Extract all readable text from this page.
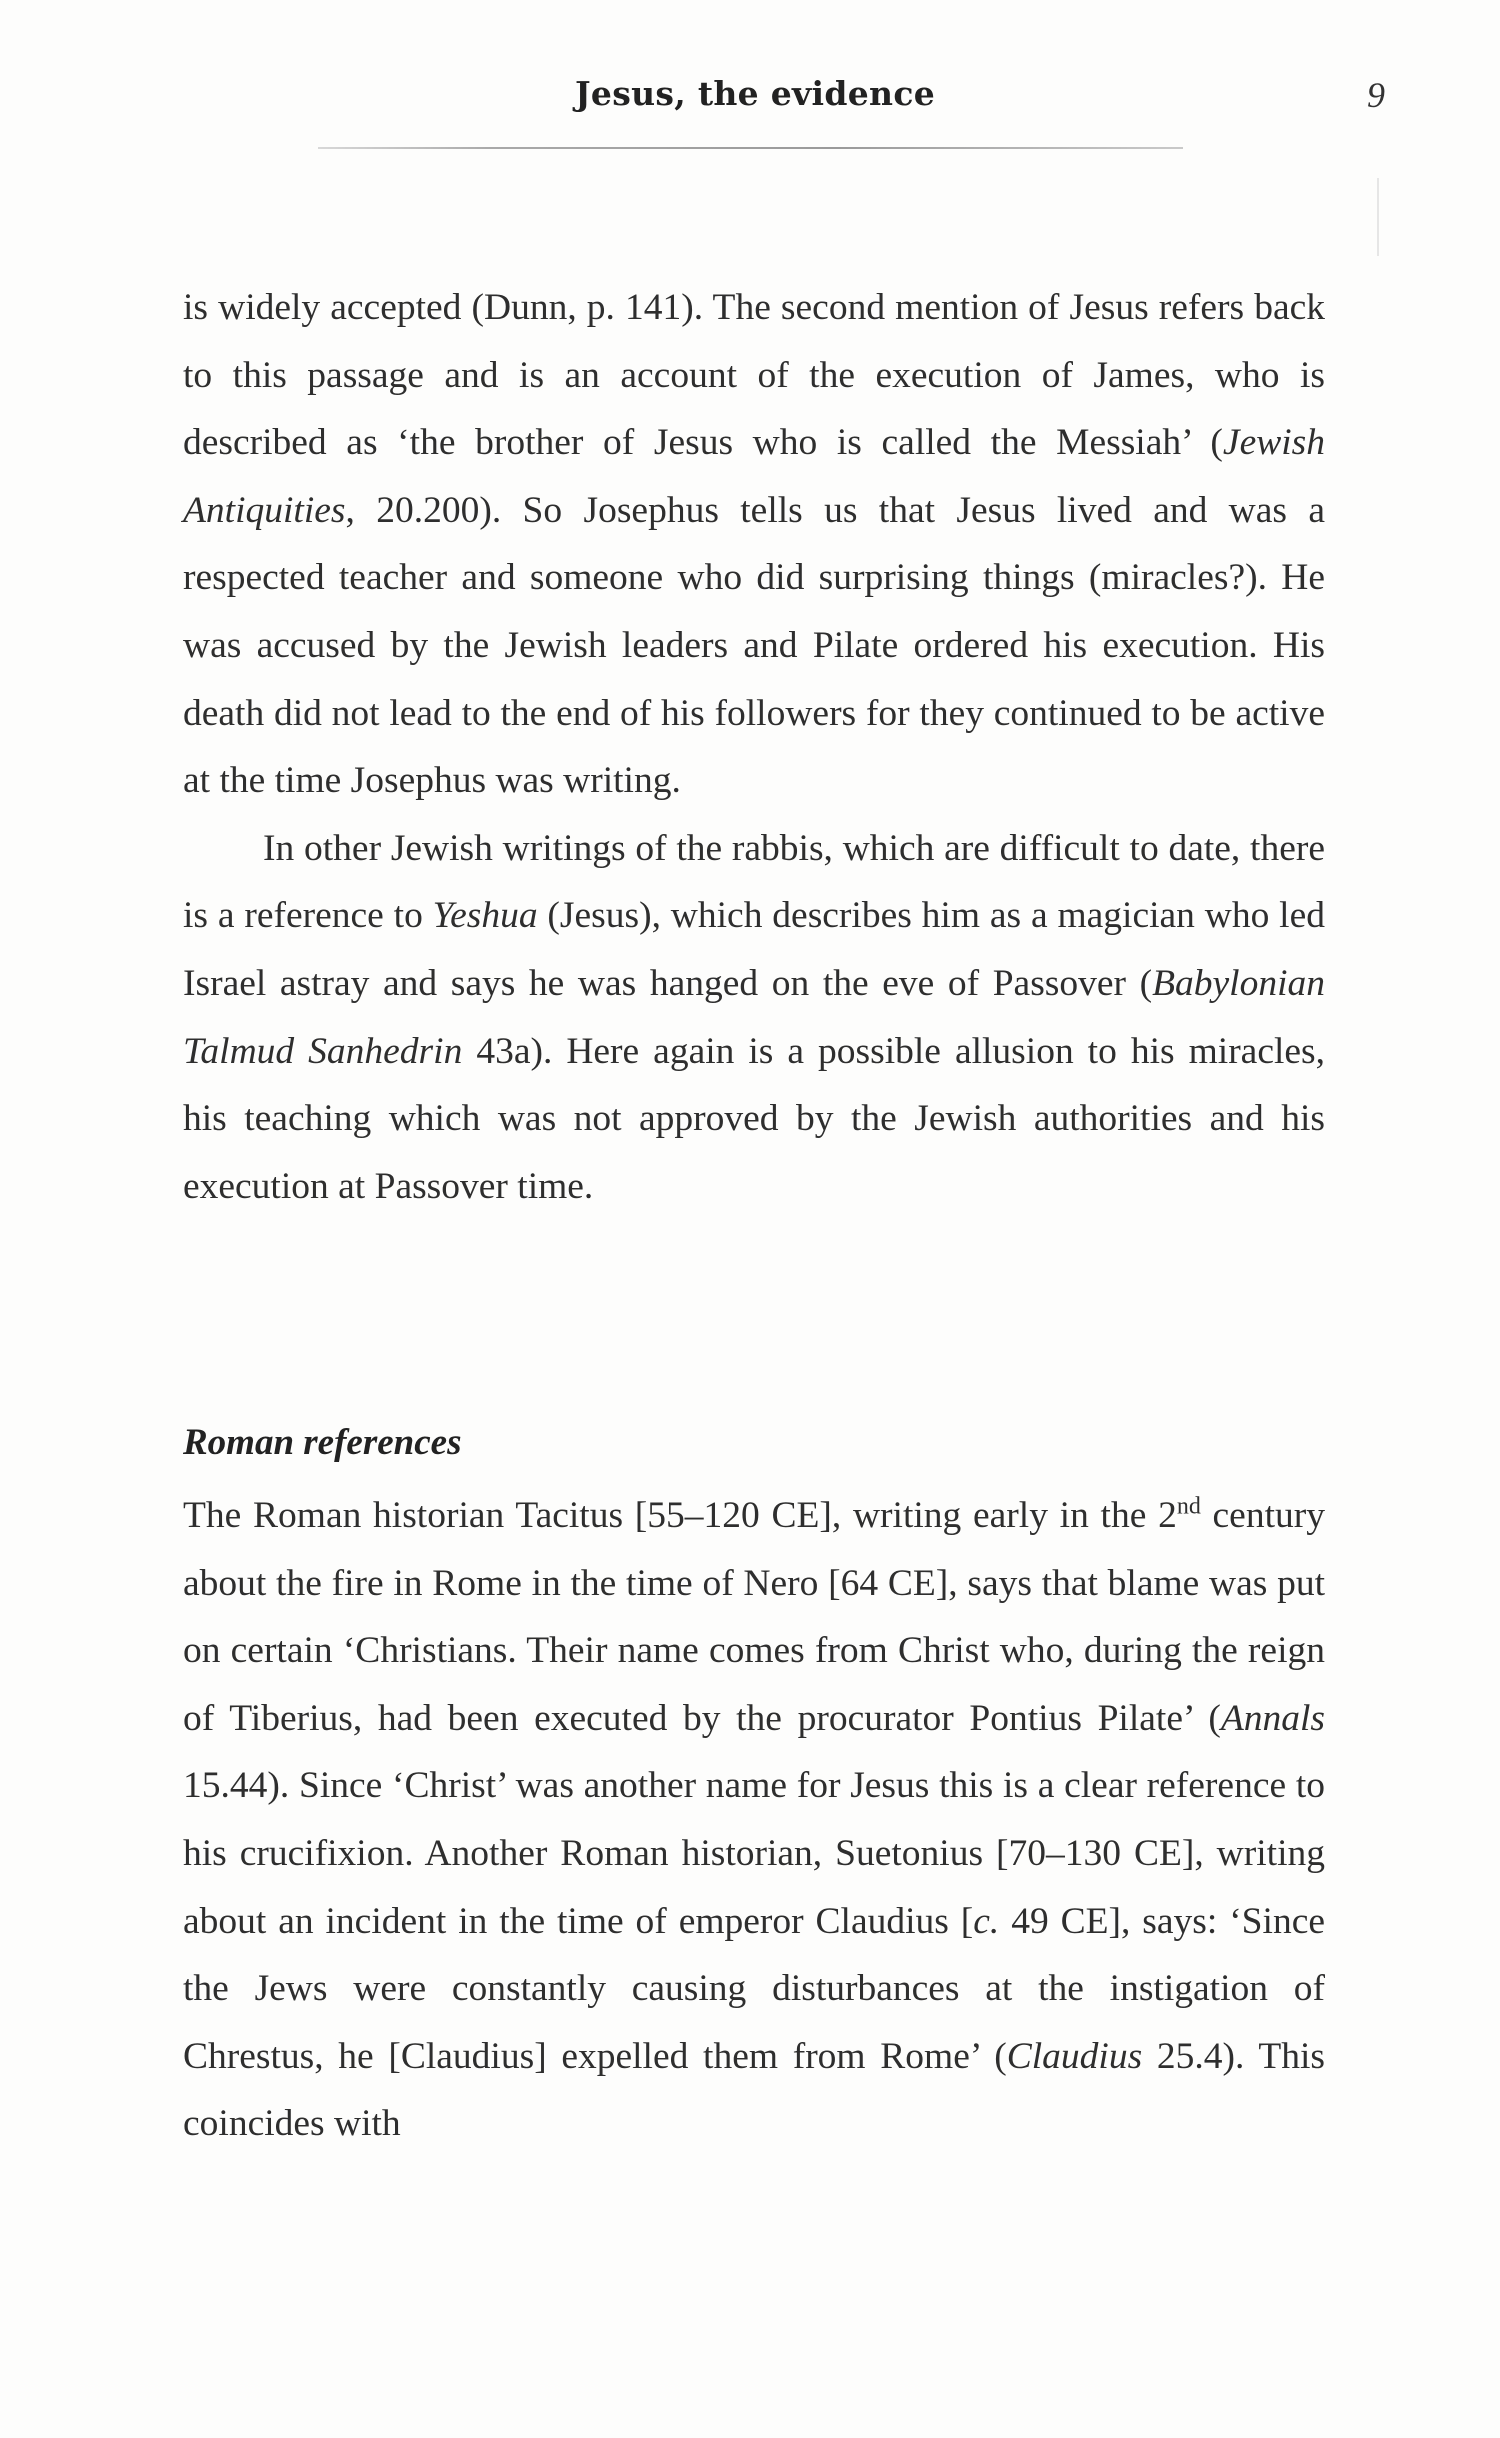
Jesus, the evidence	9

is widely accepted (Dunn, p. 141). The second mention of Jesus refers back to this passage and is an account of the execution of James, who is described as ‘the brother of Jesus who is called the Messiah’ (Jewish Antiquities, 20.200). So Josephus tells us that Jesus lived and was a respected teacher and someone who did surprising things (miracles?). He was accused by the Jewish leaders and Pilate ordered his execution. His death did not lead to the end of his followers for they continued to be active at the time Josephus was writing.

In other Jewish writings of the rabbis, which are difficult to date, there is a reference to Yeshua (Jesus), which describes him as a magician who led Israel astray and says he was hanged on the eve of Passover (Babylonian Talmud Sanhedrin 43a). Here again is a possible allusion to his miracles, his teaching which was not approved by the Jewish authorities and his execution at Passover time.

Roman references

The Roman historian Tacitus [55–120 CE], writing early in the 2nd century about the fire in Rome in the time of Nero [64 CE], says that blame was put on certain ‘Christians. Their name comes from Christ who, during the reign of Tiberius, had been executed by the procurator Pontius Pilate’ (Annals 15.44). Since ‘Christ’ was another name for Jesus this is a clear reference to his crucifixion. Another Roman historian, Suetonius [70–130 CE], writing about an incident in the time of emperor Claudius [c. 49 CE], says: ‘Since the Jews were constantly causing disturbances at the instigation of Chrestus, he [Claudius] expelled them from Rome’ (Claudius 25.4). This coincides with
